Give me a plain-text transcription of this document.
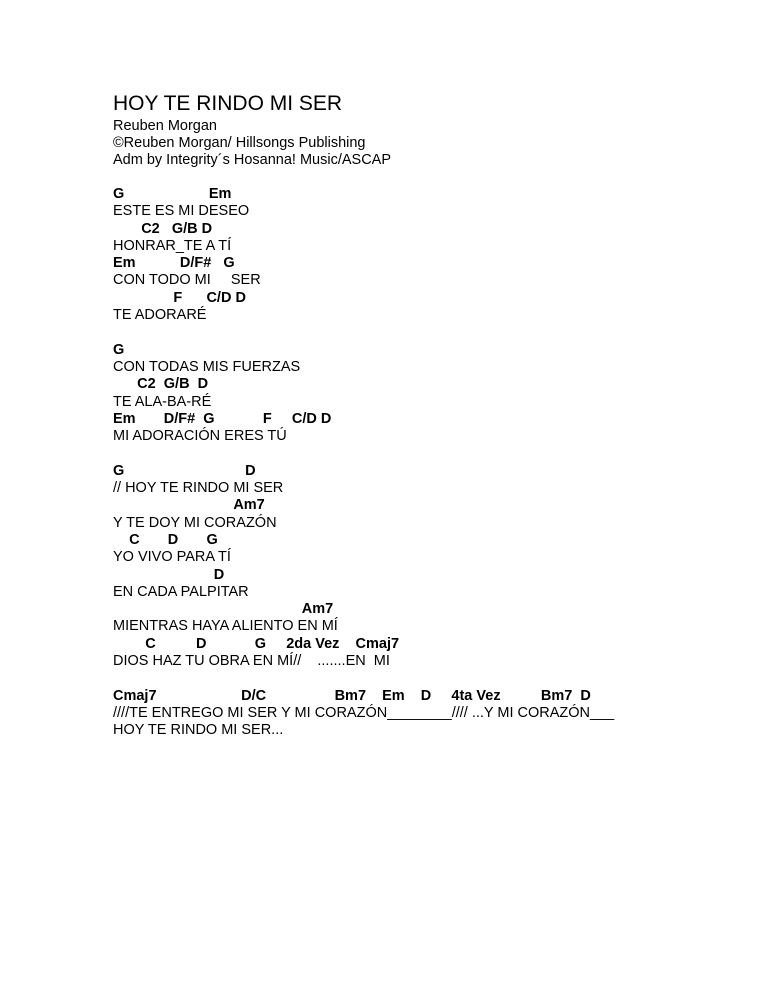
HOY TE RINDO MI SER

Reuben Morgan

©Reuben Morgan/ Hillsongs Publishing

Adm by Integrity´s Hosanna! Music/ASCAP

G                     Em

ESTE ES MI DESEO

C2   G/B D

HONRAR_TE A TÍ

Em           D/F#   G

CON TODO MI     SER

F      C/D D

TE ADORARÉ

G

CON TODAS MIS FUERZAS

C2  G/B  D

TE ALA-BA-RÉ

Em       D/F#  G            F     C/D D

MI ADORACIÓN ERES TÚ

G                              D

// HOY TE RINDO MI SER

Am7

Y TE DOY MI CORAZÓN

C       D       G

YO VIVO PARA TÍ

D

EN CADA PALPITAR

Am7

MIENTRAS HAYA ALIENTO EN MÍ

C          D            G     2da Vez    Cmaj7

DIOS HAZ TU OBRA EN MÍ//    .......EN  MI

Cmaj7                     D/C                 Bm7    Em    D     4ta Vez          Bm7  D

////TE ENTREGO MI SER Y MI CORAZÓN________//// ...Y MI CORAZÓN___

HOY TE RINDO MI SER...
